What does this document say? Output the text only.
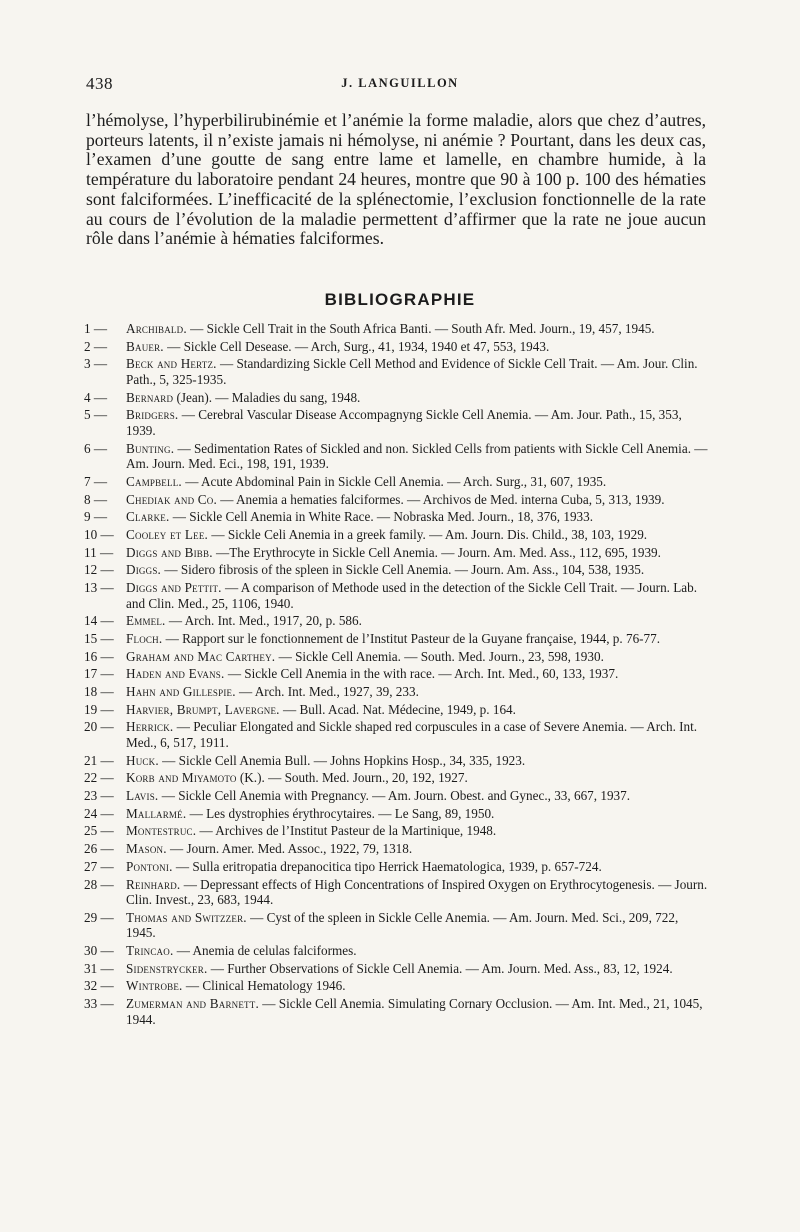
438	J. LANGUILLON

l’hémolyse, l’hyperbilirubinémie et l’anémie la forme maladie, alors que chez d’autres, porteurs latents, il n’existe jamais ni hémolyse, ni anémie ? Pourtant, dans les deux cas, l’examen d’une goutte de sang entre lame et lamelle, en chambre humide, à la température du laboratoire pendant 24 heures, montre que 90 à 100 p. 100 des hématies sont falciformées. L’inefficacité de la splénectomie, l’exclusion fonctionnelle de la rate au cours de l’évolution de la maladie permettent d’affirmer que la rate ne joue aucun rôle dans l’anémie à hématies falciformes.

BIBLIOGRAPHIE
1 —	Archibald. — Sickle Cell Trait in the South Africa Banti. — South Afr. Med. Journ., 19, 457, 1945.
2 —	Bauer. — Sickle Cell Desease. — Arch, Surg., 41, 1934, 1940 et 47, 553, 1943.
3 —	Beck and Hertz. — Standardizing Sickle Cell Method and Evidence of Sickle Cell Trait. — Am. Jour. Clin. Path., 5, 325-1935.
4 —	Bernard (Jean). — Maladies du sang, 1948.
5 —	Bridgers. — Cerebral Vascular Disease Accompagnyng Sickle Cell Anemia. — Am. Jour. Path., 15, 353, 1939.
6 —	Bunting. — Sedimentation Rates of Sickled and non. Sickled Cells from patients with Sickle Cell Anemia. — Am. Journ. Med. Eci., 198, 191, 1939.
7 —	Campbell. — Acute Abdominal Pain in Sickle Cell Anemia. — Arch. Surg., 31, 607, 1935.
8 —	Chediak and Co. — Anemia a hematies falciformes. — Archivos de Med. interna Cuba, 5, 313, 1939.
9 —	Clarke. — Sickle Cell Anemia in White Race. — Nobraska Med. Journ., 18, 376, 1933.
10 — Cooley et Lee. — Sickle Celi Anemia in a greek family. — Am. Journ. Dis. Child., 38, 103, 1929.
11 — Diggs and Bibb. —The Erythrocyte in Sickle Cell Anemia. — Journ. Am. Med. Ass., 112, 695, 1939.
12 — Diggs. — Sidero fibrosis of the spleen in Sickle Cell Anemia. — Journ. Am. Ass., 104, 538, 1935.
13 — Diggs and Pettit. — A comparison of Methode used in the detection of the Sickle Cell Trait. — Journ. Lab. and Clin. Med., 25, 1106, 1940.
14 — Emmel. — Arch. Int. Med., 1917, 20, p. 586.
15 — Floch. — Rapport sur le fonctionnement de l’Institut Pasteur de la Guyane française, 1944, p. 76-77.
16 — Graham and Mac Carthey. — Sickle Cell Anemia. — South. Med. Journ., 23, 598, 1930.
17 — Haden and Evans. — Sickle Cell Anemia in the with race. — Arch. Int. Med., 60, 133, 1937.
18 — Hahn and Gillespie. — Arch. Int. Med., 1927, 39, 233.
19 — Harvier, Brumpt, Lavergne. — Bull. Acad. Nat. Médecine, 1949, p. 164.
20 — Herrick. — Peculiar Elongated and Sickle shaped red corpuscules in a case of Severe Anemia. — Arch. Int. Med., 6, 517, 1911.
21 — Huck. — Sickle Cell Anemia Bull. — Johns Hopkins Hosp., 34, 335, 1923.
22 — Korb and Miyamoto (K.). — South. Med. Journ., 20, 192, 1927.
23 — Lavis. — Sickle Cell Anemia with Pregnancy. — Am. Journ. Obest. and Gynec., 33, 667, 1937.
24 — Mallarmé. — Les dystrophies érythrocytaires. — Le Sang, 89, 1950.
25 — Montestruc. — Archives de l’Institut Pasteur de la Martinique, 1948.
26 — Mason. — Journ. Amer. Med. Assoc., 1922, 79, 1318.
27 — Pontoni. — Sulla eritropatia drepanocitica tipo Herrick Haematologica, 1939, p. 657-724.
28 — Reinhard. — Depressant effects of High Concentrations of Inspired Oxygen on Erythrocytogenesis. — Journ. Clin. Invest., 23, 683, 1944.
29 — Thomas and Switzzer. — Cyst of the spleen in Sickle Celle Anemia. — Am. Journ. Med. Sci., 209, 722, 1945.
30 — Trincao. — Anemia de celulas falciformes.
31 — Sidenstrycker. — Further Observations of Sickle Cell Anemia. — Am. Journ. Med. Ass., 83, 12, 1924.
32 — Wintrobe. — Clinical Hematology 1946.
33 — Zumerman and Barnett. — Sickle Cell Anemia. Simulating Cornary Occlusion. — Am. Int. Med., 21, 1045, 1944.
